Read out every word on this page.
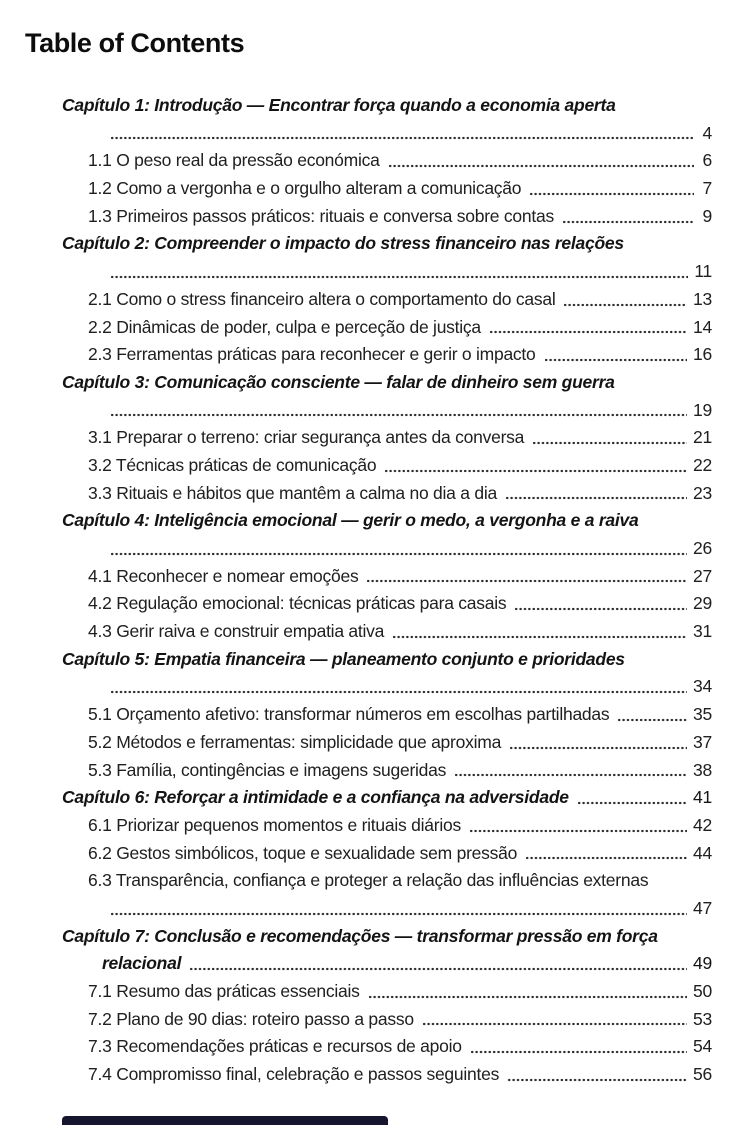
Table of Contents
Capítulo 1: Introdução — Encontrar força quando a economia aperta
4
1.1 O peso real da pressão económica	6
1.2 Como a vergonha e o orgulho alteram a comunicação	7
1.3 Primeiros passos práticos: rituais e conversa sobre contas	9
Capítulo 2: Compreender o impacto do stress financeiro nas relações
11
2.1 Como o stress financeiro altera o comportamento do casal	13
2.2 Dinâmicas de poder, culpa e perceção de justiça	14
2.3 Ferramentas práticas para reconhecer e gerir o impacto	16
Capítulo 3: Comunicação consciente — falar de dinheiro sem guerra
19
3.1 Preparar o terreno: criar segurança antes da conversa	21
3.2 Técnicas práticas de comunicação	22
3.3 Rituais e hábitos que mantêm a calma no dia a dia	23
Capítulo 4: Inteligência emocional — gerir o medo, a vergonha e a raiva
26
4.1 Reconhecer e nomear emoções	27
4.2 Regulação emocional: técnicas práticas para casais	29
4.3 Gerir raiva e construir empatia ativa	31
Capítulo 5: Empatia financeira — planeamento conjunto e prioridades
34
5.1 Orçamento afetivo: transformar números em escolhas partilhadas	35
5.2 Métodos e ferramentas: simplicidade que aproxima	37
5.3 Família, contingências e imagens sugeridas	38
Capítulo 6: Reforçar a intimidade e a confiança na adversidade	41
6.1 Priorizar pequenos momentos e rituais diários	42
6.2 Gestos simbólicos, toque e sexualidade sem pressão	44
6.3 Transparência, confiança e proteger a relação das influências externas
47
Capítulo 7: Conclusão e recomendações — transformar pressão em força
relacional	49
7.1 Resumo das práticas essenciais	50
7.2 Plano de 90 dias: roteiro passo a passo	53
7.3 Recomendações práticas e recursos de apoio	54
7.4 Compromisso final, celebração e passos seguintes	56
